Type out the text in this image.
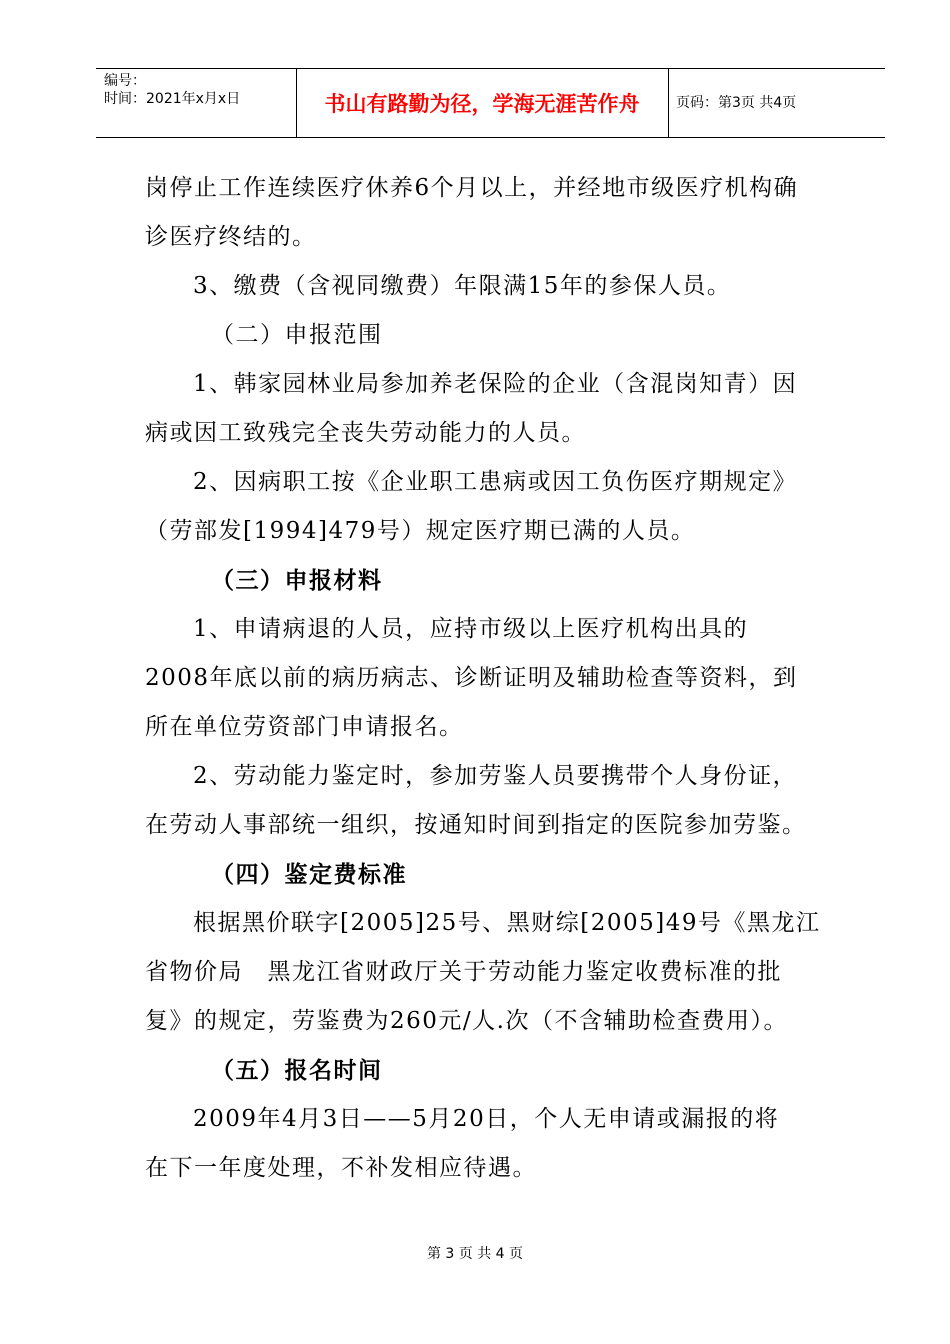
编号：
时间：2021年x月x日	书山有路勤为径，学海无涯苦作舟	页码：第3页 共4页

岗停止工作连续医疗休养6个月以上，并经地市级医疗机构确

诊医疗终结的。

3、缴费（含视同缴费）年限满15年的参保人员。

（二）申报范围

1、韩家园林业局参加养老保险的企业（含混岗知青）因

病或因工致残完全丧失劳动能力的人员。

2、因病职工按《企业职工患病或因工负伤医疗期规定》

（劳部发[1994]479号）规定医疗期已满的人员。

（三）申报材料

1、申请病退的人员，应持市级以上医疗机构出具的

2008年底以前的病历病志、诊断证明及辅助检查等资料，到

所在单位劳资部门申请报名。

2、劳动能力鉴定时，参加劳鉴人员要携带个人身份证，

在劳动人事部统一组织，按通知时间到指定的医院参加劳鉴。

（四）鉴定费标准

根据黑价联字[2005]25号、黑财综[2005]49号《黑龙江

省物价局　黑龙江省财政厅关于劳动能力鉴定收费标准的批

复》的规定，劳鉴费为260元/人.次（不含辅助检查费用）。

（五）报名时间

2009年4月3日——5月20日，个人无申请或漏报的将

在下一年度处理，不补发相应待遇。

第 3 页 共 4 页
